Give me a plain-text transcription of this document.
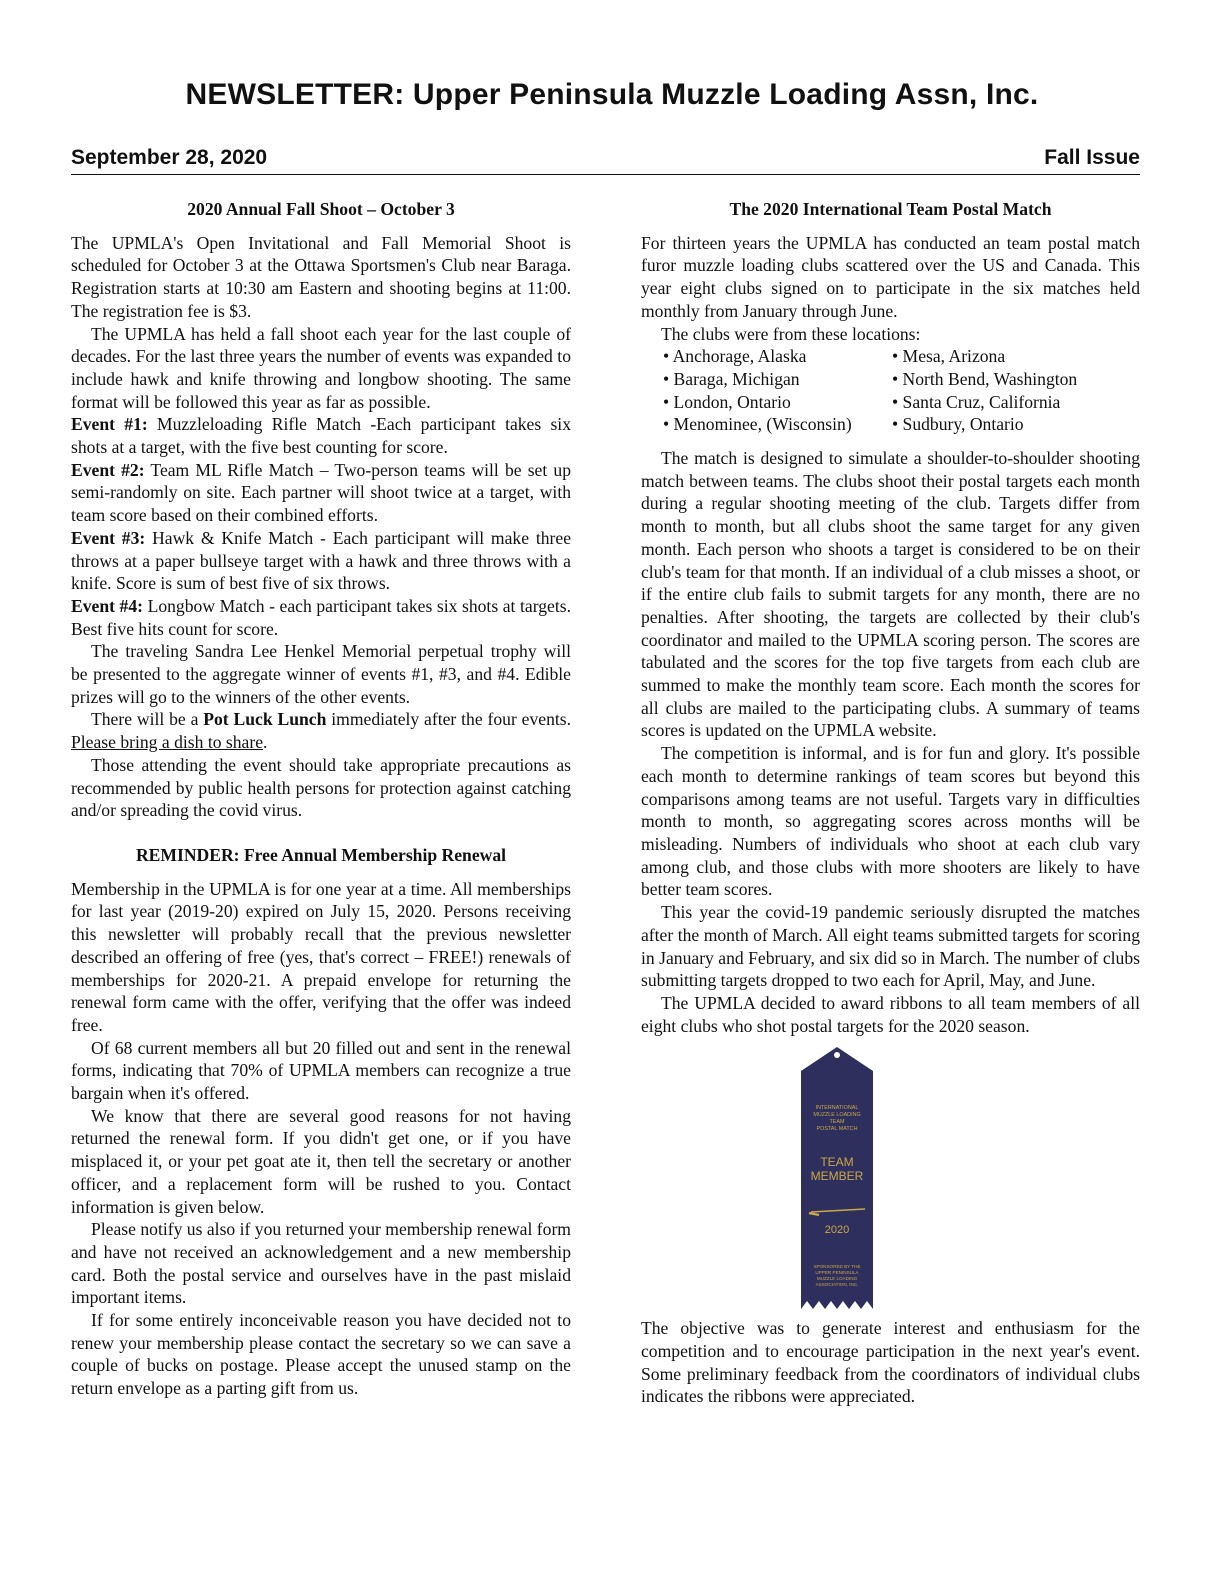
NEWSLETTER: Upper Peninsula Muzzle Loading Assn, Inc.
September 28, 2020	Fall Issue
2020 Annual Fall Shoot – October 3

The UPMLA's Open Invitational and Fall Memorial Shoot is scheduled for October 3 at the Ottawa Sportsmen's Club near Baraga. Registration starts at 10:30 am Eastern and shooting begins at 11:00. The registration fee is $3.

The UPMLA has held a fall shoot each year for the last couple of decades. For the last three years the number of events was expanded to include hawk and knife throwing and longbow shooting. The same format will be followed this year as far as possible.

Event #1: Muzzleloading Rifle Match -Each participant takes six shots at a target, with the five best counting for score.

Event #2: Team ML Rifle Match – Two-person teams will be set up semi-randomly on site. Each partner will shoot twice at a target, with team score based on their combined efforts.

Event #3: Hawk & Knife Match - Each participant will make three throws at a paper bullseye target with a hawk and three throws with a knife. Score is sum of best five of six throws.

Event #4: Longbow Match - each participant takes six shots at targets. Best five hits count for score.

The traveling Sandra Lee Henkel Memorial perpetual trophy will be presented to the aggregate winner of events #1, #3, and #4. Edible prizes will go to the winners of the other events.

There will be a Pot Luck Lunch immediately after the four events. Please bring a dish to share.

Those attending the event should take appropriate precautions as recommended by public health persons for protection against catching and/or spreading the covid virus.

REMINDER: Free Annual Membership Renewal

Membership in the UPMLA is for one year at a time. All memberships for last year (2019-20) expired on July 15, 2020. Persons receiving this newsletter will probably recall that the previous newsletter described an offering of free (yes, that's correct – FREE!) renewals of memberships for 2020-21. A prepaid envelope for returning the renewal form came with the offer, verifying that the offer was indeed free.

Of 68 current members all but 20 filled out and sent in the renewal forms, indicating that 70% of UPMLA members can recognize a true bargain when it's offered.

We know that there are several good reasons for not having returned the renewal form. If you didn't get one, or if you have misplaced it, or your pet goat ate it, then tell the secretary or another officer, and a replacement form will be rushed to you. Contact information is given below.

Please notify us also if you returned your membership renewal form and have not received an acknowledgement and a new membership card. Both the postal service and ourselves have in the past mislaid important items.

If for some entirely inconceivable reason you have decided not to renew your membership please contact the secretary so we can save a couple of bucks on postage. Please accept the unused stamp on the return envelope as a parting gift from us.

The 2020 International Team Postal Match

For thirteen years the UPMLA has conducted an team postal match furor muzzle loading clubs scattered over the US and Canada. This year eight clubs signed on to participate in the six matches held monthly from January through June.

The clubs were from these locations:

• Anchorage, Alaska	• Mesa, Arizona
• Baraga, Michigan	• North Bend, Washington
• London, Ontario	• Santa Cruz, California
• Menominee, (Wisconsin)	• Sudbury, Ontario

The match is designed to simulate a shoulder-to-shoulder shooting match between teams. The clubs shoot their postal targets each month during a regular shooting meeting of the club. Targets differ from month to month, but all clubs shoot the same target for any given month. Each person who shoots a target is considered to be on their club's team for that month. If an individual of a club misses a shoot, or if the entire club fails to submit targets for any month, there are no penalties. After shooting, the targets are collected by their club's coordinator and mailed to the UPMLA scoring person. The scores are tabulated and the scores for the top five targets from each club are summed to make the monthly team score. Each month the scores for all clubs are mailed to the participating clubs. A summary of teams scores is updated on the UPMLA website.

The competition is informal, and is for fun and glory. It's possible each month to determine rankings of team scores but beyond this comparisons among teams are not useful. Targets vary in difficulties month to month, so aggregating scores across months will be misleading. Numbers of individuals who shoot at each club vary among club, and those clubs with more shooters are likely to have better team scores.

This year the covid-19 pandemic seriously disrupted the matches after the month of March. All eight teams submitted targets for scoring in January and February, and six did so in March. The number of clubs submitting targets dropped to two each for April, May, and June.

The UPMLA decided to award ribbons to all team members of all eight clubs who shot postal targets for the 2020 season.

INTERNATIONAL
MUZZLE LOADING
TEAM
POSTAL MATCH
TEAM
MEMBER
2020
SPONSORED BY THE
UPPER PENINSULA
MUZZLE LOADING
ASSOCIATION, INC.

The objective was to generate interest and enthusiasm for the competition and to encourage participation in the next year's event. Some preliminary feedback from the coordinators of individual clubs indicates the ribbons were appreciated.
